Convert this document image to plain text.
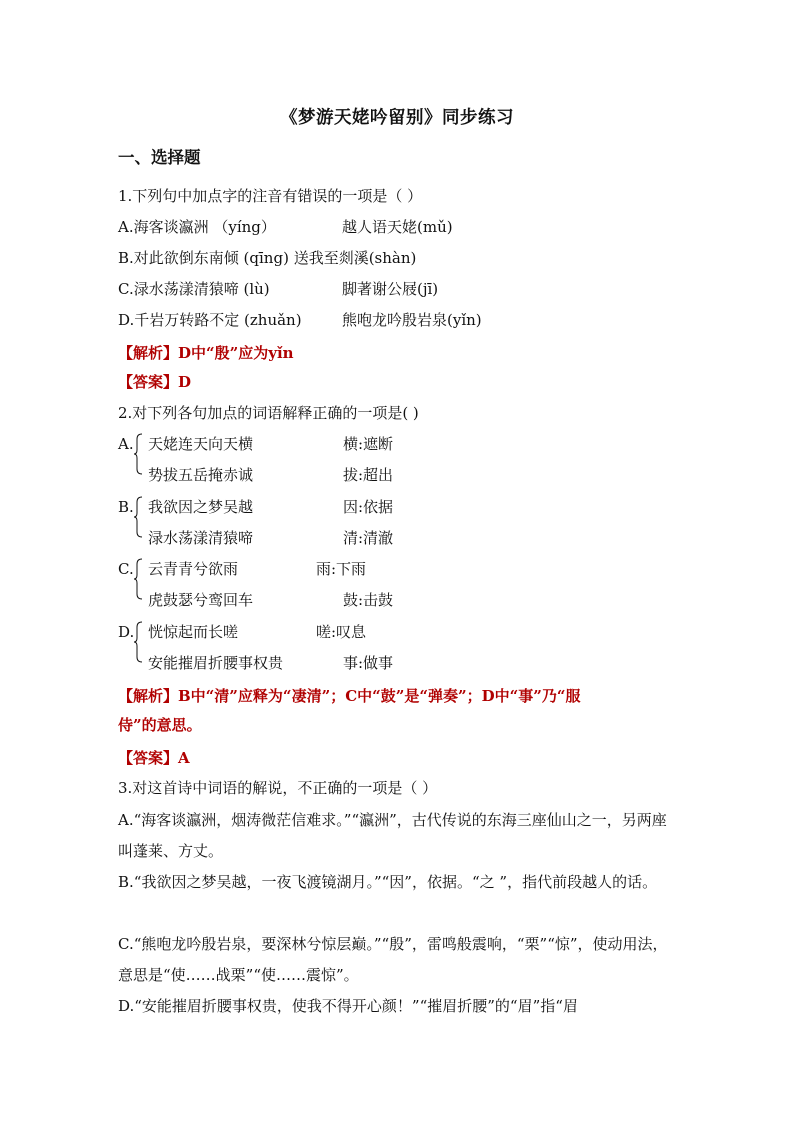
《梦游天姥吟留别》同步练习
一、选择题
1.下列句中加点字的注音有错误的一项是（ ）
A.海客谈瀛洲 （yíng）	越人语天姥(mǔ)
B.对此欲倒东南倾 (qīng) 送我至剡溪(shàn)
C.渌水荡漾清猿啼 (lù)	脚著谢公屐(jī)
D.千岩万转路不定 (zhuǎn)	熊咆龙吟殷岩泉(yǐn)
【解析】D中“殷”应为yǐn
【答案】D
2.对下列各句加点的词语解释正确的一项是( )
A. 天姥连天向天横	横:遮断
势拔五岳掩赤诚	拔:超出
B. 我欲因之梦吴越	因:依据
渌水荡漾清猿啼	清:清澈
C. 云青青兮欲雨	雨:下雨
虎鼓瑟兮鸾回车	鼓:击鼓
D. 恍惊起而长嗟	嗟:叹息
安能摧眉折腰事权贵	事:做事
【解析】B中“清”应释为“凄清”；C中“鼓”是“弹奏”；D中“事”乃“服
侍”的意思。
【答案】A
3.对这首诗中词语的解说，不正确的一项是（ ）
A.“海客谈瀛洲，烟涛微茫信难求。”“瀛洲”，古代传说的东海三座仙山之一，另两座叫蓬莱、方丈。
B.“我欲因之梦吴越，一夜飞渡镜湖月。”“因”，依据。“之 ”，指代前段越人的话。
C.“熊咆龙吟殷岩泉，要深林兮惊层巅。”“殷”，雷鸣般震响，“栗”“惊”，使动用法，意思是“使……战栗”“使……震惊”。
D.“安能摧眉折腰事权贵，使我不得开心颜！”“摧眉折腰”的“眉”指“眉
